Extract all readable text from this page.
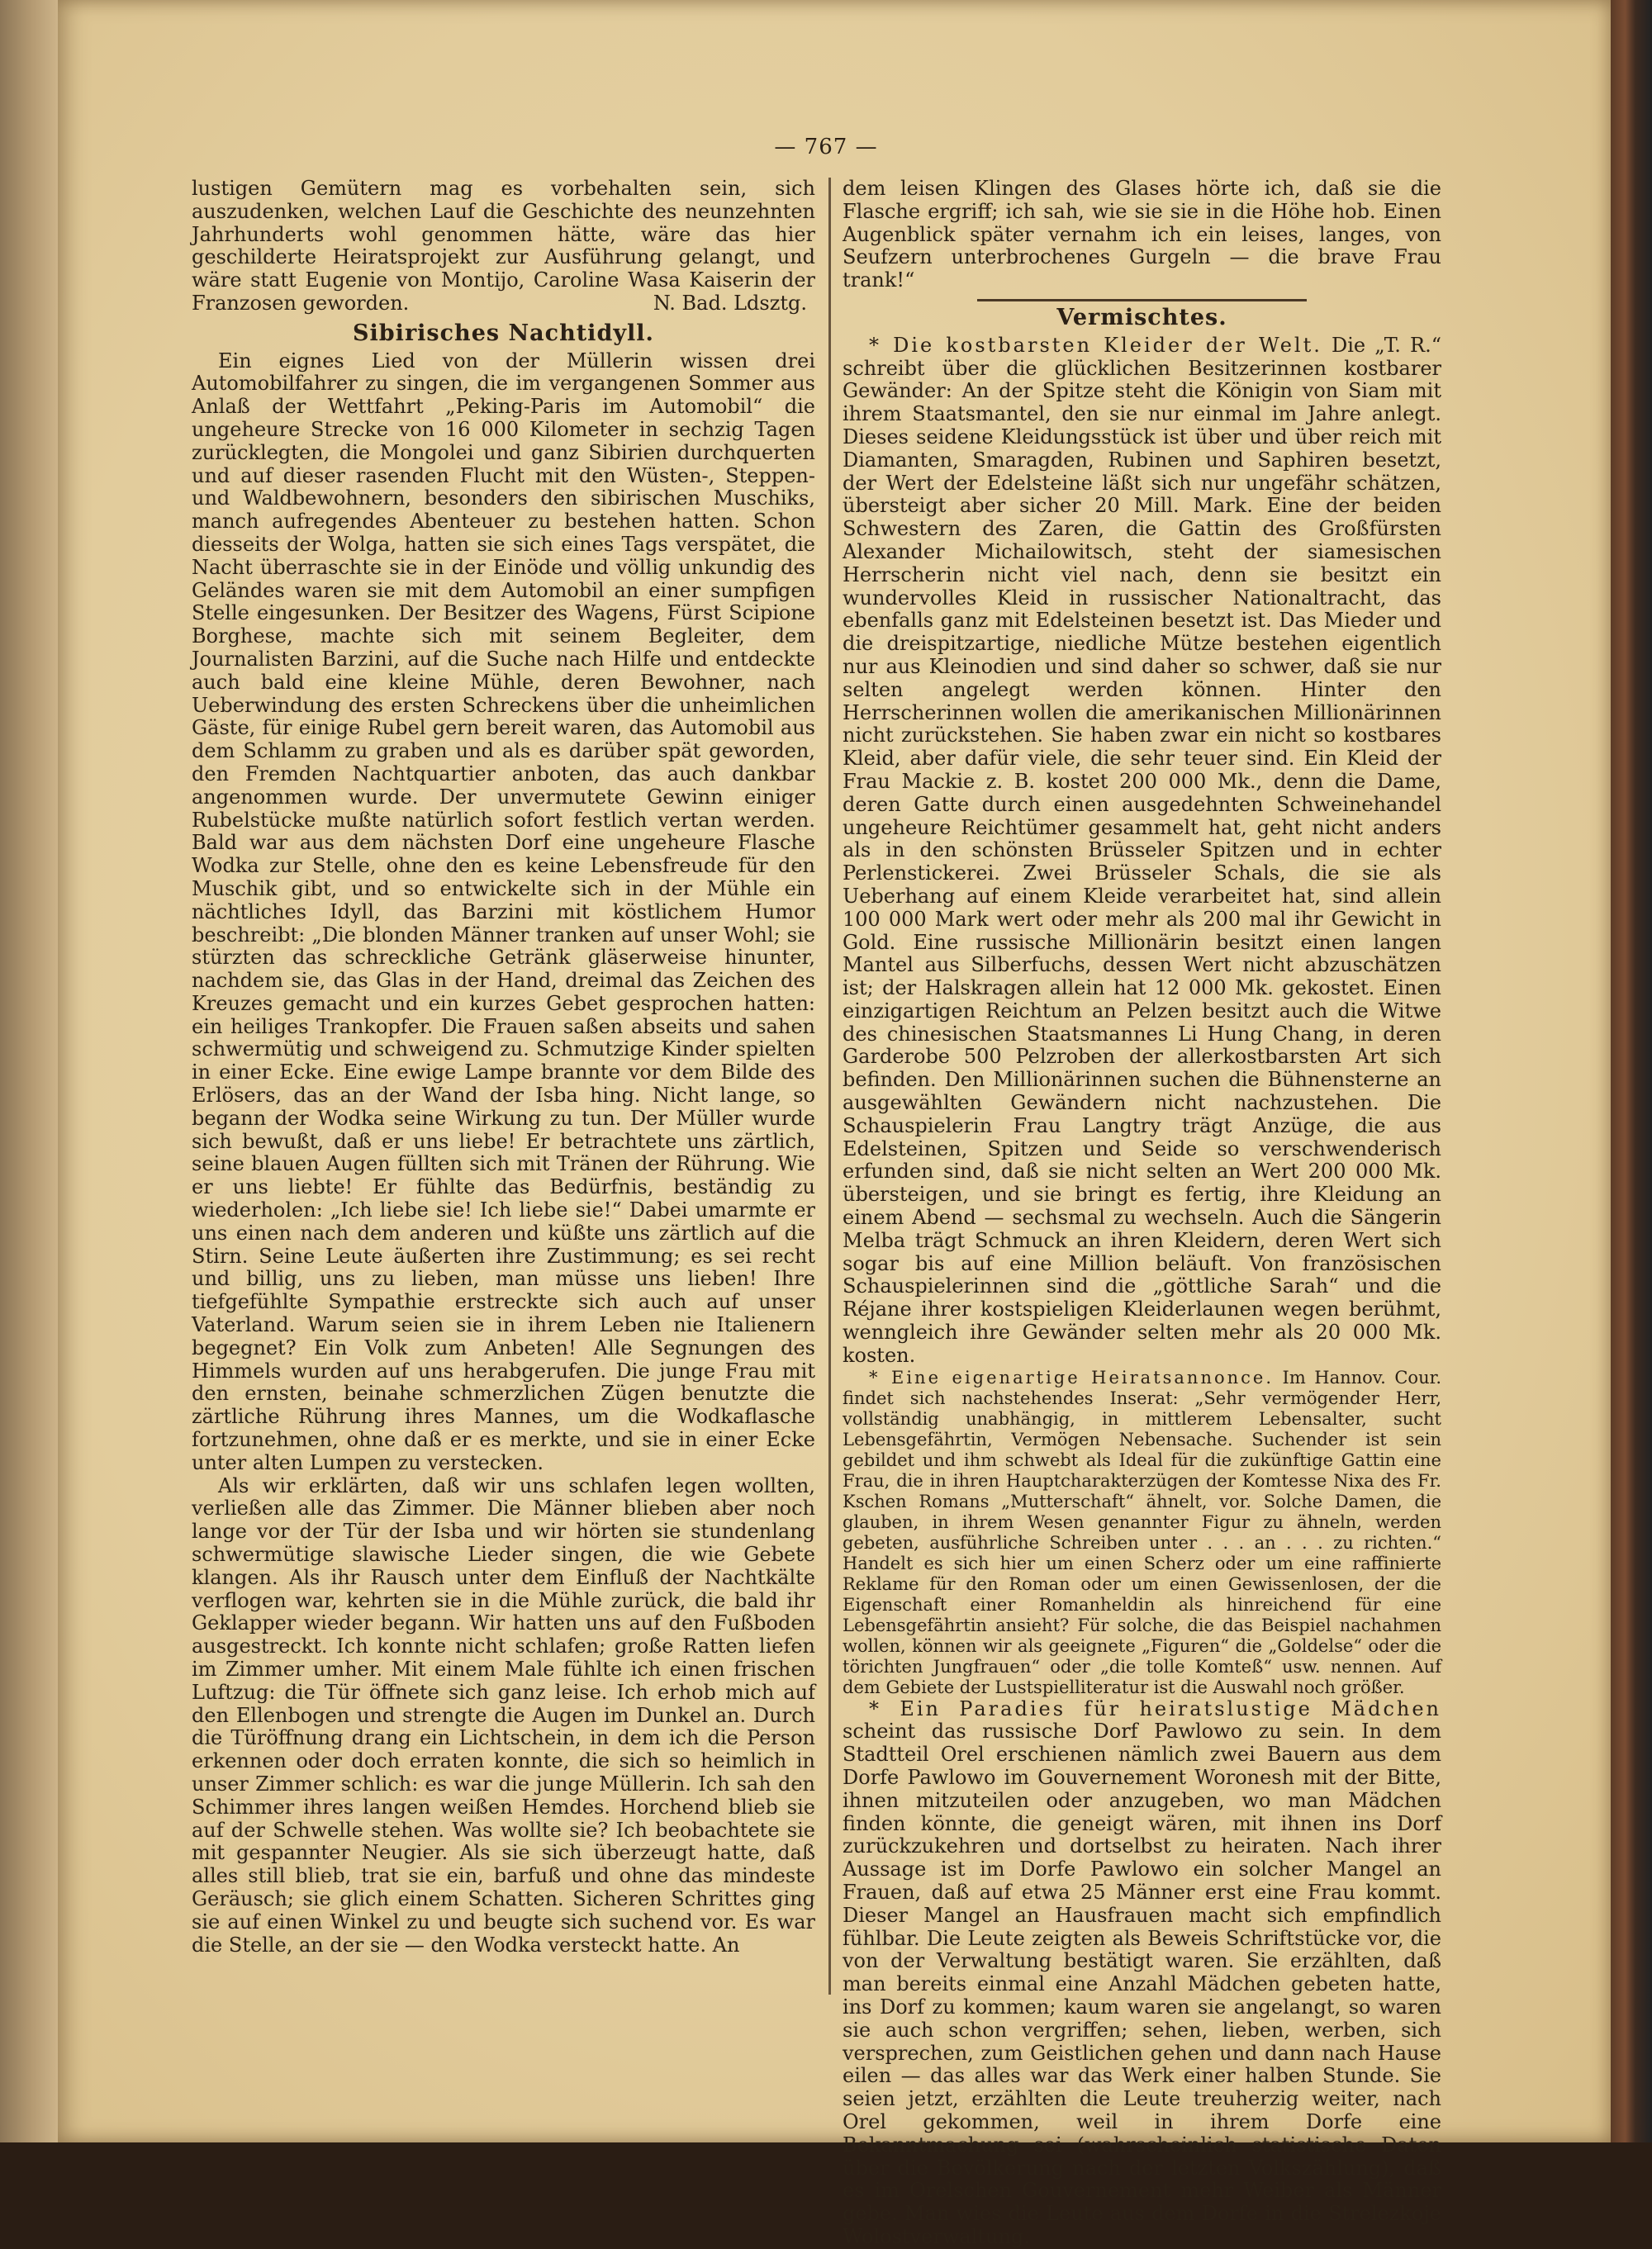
— 767 —

lustigen Gemütern mag es vorbehalten sein, sich auszudenken, welchen Lauf die Geschichte des neunzehnten Jahrhunderts wohl genommen hätte, wäre das hier geschilderte Heiratsprojekt zur Ausführung gelangt, und wäre statt Eugenie von Montijo, Caroline Wasa Kaiserin der Franzosen geworden.	N. Bad. Ldsztg.

Sibirisches Nachtidyll.

Ein eignes Lied von der Müllerin wissen drei Automobilfahrer zu singen, die im vergangenen Sommer aus Anlaß der Wettfahrt „Peking-Paris im Automobil“ die ungeheure Strecke von 16 000 Kilometer in sechzig Tagen zurücklegten, die Mongolei und ganz Sibirien durchquerten und auf dieser rasenden Flucht mit den Wüsten-, Steppen- und Waldbewohnern, besonders den sibirischen Muschiks, manch aufregendes Abenteuer zu bestehen hatten. Schon diesseits der Wolga, hatten sie sich eines Tags verspätet, die Nacht überraschte sie in der Einöde und völlig unkundig des Geländes waren sie mit dem Automobil an einer sumpfigen Stelle eingesunken. Der Besitzer des Wagens, Fürst Scipione Borghese, machte sich mit seinem Begleiter, dem Journalisten Barzini, auf die Suche nach Hilfe und entdeckte auch bald eine kleine Mühle, deren Bewohner, nach Ueberwindung des ersten Schreckens über die unheimlichen Gäste, für einige Rubel gern bereit waren, das Automobil aus dem Schlamm zu graben und als es darüber spät geworden, den Fremden Nachtquartier anboten, das auch dankbar angenommen wurde. Der unvermutete Gewinn einiger Rubelstücke mußte natürlich sofort festlich vertan werden. Bald war aus dem nächsten Dorf eine ungeheure Flasche Wodka zur Stelle, ohne den es keine Lebensfreude für den Muschik gibt, und so entwickelte sich in der Mühle ein nächtliches Idyll, das Barzini mit köstlichem Humor beschreibt: „Die blonden Männer tranken auf unser Wohl; sie stürzten das schreckliche Getränk gläserweise hinunter, nachdem sie, das Glas in der Hand, dreimal das Zeichen des Kreuzes gemacht und ein kurzes Gebet gesprochen hatten: ein heiliges Trankopfer. Die Frauen saßen abseits und sahen schwermütig und schweigend zu. Schmutzige Kinder spielten in einer Ecke. Eine ewige Lampe brannte vor dem Bilde des Erlösers, das an der Wand der Isba hing. Nicht lange, so begann der Wodka seine Wirkung zu tun. Der Müller wurde sich bewußt, daß er uns liebe! Er betrachtete uns zärtlich, seine blauen Augen füllten sich mit Tränen der Rührung. Wie er uns liebte! Er fühlte das Bedürfnis, beständig zu wiederholen: „Ich liebe sie! Ich liebe sie!“ Dabei umarmte er uns einen nach dem anderen und küßte uns zärtlich auf die Stirn. Seine Leute äußerten ihre Zustimmung; es sei recht und billig, uns zu lieben, man müsse uns lieben! Ihre tiefgefühlte Sympathie erstreckte sich auch auf unser Vaterland. Warum seien sie in ihrem Leben nie Italienern begegnet? Ein Volk zum Anbeten! Alle Segnungen des Himmels wurden auf uns herabgerufen. Die junge Frau mit den ernsten, beinahe schmerzlichen Zügen benutzte die zärtliche Rührung ihres Mannes, um die Wodkaflasche fortzunehmen, ohne daß er es merkte, und sie in einer Ecke unter alten Lumpen zu verstecken.

Als wir erklärten, daß wir uns schlafen legen wollten, verließen alle das Zimmer. Die Männer blieben aber noch lange vor der Tür der Isba und wir hörten sie stundenlang schwermütige slawische Lieder singen, die wie Gebete klangen. Als ihr Rausch unter dem Einfluß der Nachtkälte verflogen war, kehrten sie in die Mühle zurück, die bald ihr Geklapper wieder begann. Wir hatten uns auf den Fußboden ausgestreckt. Ich konnte nicht schlafen; große Ratten liefen im Zimmer umher. Mit einem Male fühlte ich einen frischen Luftzug: die Tür öffnete sich ganz leise. Ich erhob mich auf den Ellenbogen und strengte die Augen im Dunkel an. Durch die Türöffnung drang ein Lichtschein, in dem ich die Person erkennen oder doch erraten konnte, die sich so heimlich in unser Zimmer schlich: es war die junge Müllerin. Ich sah den Schimmer ihres langen weißen Hemdes. Horchend blieb sie auf der Schwelle stehen. Was wollte sie? Ich beobachtete sie mit gespannter Neugier. Als sie sich überzeugt hatte, daß alles still blieb, trat sie ein, barfuß und ohne das mindeste Geräusch; sie glich einem Schatten. Sicheren Schrittes ging sie auf einen Winkel zu und beugte sich suchend vor. Es war die Stelle, an der sie — den Wodka versteckt hatte. An

dem leisen Klingen des Glases hörte ich, daß sie die Flasche ergriff; ich sah, wie sie sie in die Höhe hob. Einen Augenblick später vernahm ich ein leises, langes, von Seufzern unterbrochenes Gurgeln — die brave Frau trank!“

Vermischtes.

* Die kostbarsten Kleider der Welt. Die „T. R.“ schreibt über die glücklichen Besitzerinnen kostbarer Gewänder: An der Spitze steht die Königin von Siam mit ihrem Staatsmantel, den sie nur einmal im Jahre anlegt. Dieses seidene Kleidungsstück ist über und über reich mit Diamanten, Smaragden, Rubinen und Saphiren besetzt, der Wert der Edelsteine läßt sich nur ungefähr schätzen, übersteigt aber sicher 20 Mill. Mark. Eine der beiden Schwestern des Zaren, die Gattin des Großfürsten Alexander Michailowitsch, steht der siamesischen Herrscherin nicht viel nach, denn sie besitzt ein wundervolles Kleid in russischer Nationaltracht, das ebenfalls ganz mit Edelsteinen besetzt ist. Das Mieder und die dreispitzartige, niedliche Mütze bestehen eigentlich nur aus Kleinodien und sind daher so schwer, daß sie nur selten angelegt werden können. Hinter den Herrscherinnen wollen die amerikanischen Millionärinnen nicht zurückstehen. Sie haben zwar ein nicht so kostbares Kleid, aber dafür viele, die sehr teuer sind. Ein Kleid der Frau Mackie z. B. kostet 200 000 Mk., denn die Dame, deren Gatte durch einen ausgedehnten Schweinehandel ungeheure Reichtümer gesammelt hat, geht nicht anders als in den schönsten Brüsseler Spitzen und in echter Perlenstickerei. Zwei Brüsseler Schals, die sie als Ueberhang auf einem Kleide verarbeitet hat, sind allein 100 000 Mark wert oder mehr als 200 mal ihr Gewicht in Gold. Eine russische Millionärin besitzt einen langen Mantel aus Silberfuchs, dessen Wert nicht abzuschätzen ist; der Halskragen allein hat 12 000 Mk. gekostet. Einen einzigartigen Reichtum an Pelzen besitzt auch die Witwe des chinesischen Staatsmannes Li Hung Chang, in deren Garderobe 500 Pelzroben der allerkostbarsten Art sich befinden. Den Millionärinnen suchen die Bühnensterne an ausgewählten Gewändern nicht nachzustehen. Die Schauspielerin Frau Langtry trägt Anzüge, die aus Edelsteinen, Spitzen und Seide so verschwenderisch erfunden sind, daß sie nicht selten an Wert 200 000 Mk. übersteigen, und sie bringt es fertig, ihre Kleidung an einem Abend — sechsmal zu wechseln. Auch die Sängerin Melba trägt Schmuck an ihren Kleidern, deren Wert sich sogar bis auf eine Million beläuft. Von französischen Schauspielerinnen sind die „göttliche Sarah“ und die Réjane ihrer kostspieligen Kleiderlaunen wegen berühmt, wenngleich ihre Gewänder selten mehr als 20 000 Mk. kosten.

* Eine eigenartige Heiratsannonce. Im Hannov. Cour. findet sich nachstehendes Inserat: „Sehr vermögender Herr, vollständig unabhängig, in mittlerem Lebensalter, sucht Lebensgefährtin, Vermögen Nebensache. Suchender ist sein gebildet und ihm schwebt als Ideal für die zukünftige Gattin eine Frau, die in ihren Hauptcharakterzügen der Komtesse Nixa des Fr. Kschen Romans „Mutterschaft“ ähnelt, vor. Solche Damen, die glauben, in ihrem Wesen genannter Figur zu ähneln, werden gebeten, ausführliche Schreiben unter . . . an . . . zu richten.“ Handelt es sich hier um einen Scherz oder um eine raffinierte Reklame für den Roman oder um einen Gewissenlosen, der die Eigenschaft einer Romanheldin als hinreichend für eine Lebensgefährtin ansieht? Für solche, die das Beispiel nachahmen wollen, können wir als geeignete „Figuren“ die „Goldelse“ oder die törichten Jungfrauen“ oder „die tolle Komteß“ usw. nennen. Auf dem Gebiete der Lustspielliteratur ist die Auswahl noch größer.

* Ein Paradies für heiratslustige Mädchen scheint das russische Dorf Pawlowo zu sein. In dem Stadtteil Orel erschienen nämlich zwei Bauern aus dem Dorfe Pawlowo im Gouvernement Woronesh mit der Bitte, ihnen mitzuteilen oder anzugeben, wo man Mädchen finden könnte, die geneigt wären, mit ihnen ins Dorf zurückzukehren und dortselbst zu heiraten. Nach ihrer Aussage ist im Dorfe Pawlowo ein solcher Mangel an Frauen, daß auf etwa 25 Männer erst eine Frau kommt. Dieser Mangel an Hausfrauen macht sich empfindlich fühlbar. Die Leute zeigten als Beweis Schriftstücke vor, die von der Verwaltung bestätigt waren. Sie erzählten, daß man bereits einmal eine Anzahl Mädchen gebeten hatte, ins Dorf zu kommen; kaum waren sie angelangt, so waren sie auch schon vergriffen; sehen, lieben, werben, sich versprechen, zum Geistlichen gehen und dann nach Hause eilen — das alles war das Werk einer halben Stunde. Sie seien jetzt, erzählten die Leute treuherzig weiter, nach Orel gekommen, weil in ihrem Dorfe eine Bekanntmachung sei (wahrscheinlich statistische Daten über die Bevölkerung nach der letzten Volkszählung), daß es im Orelschen Gouvernement mehr Weiber als Männer gebe. Man wies die Leute aus dem Dorfe in die Strelezkoje Wolostverwaltung.
